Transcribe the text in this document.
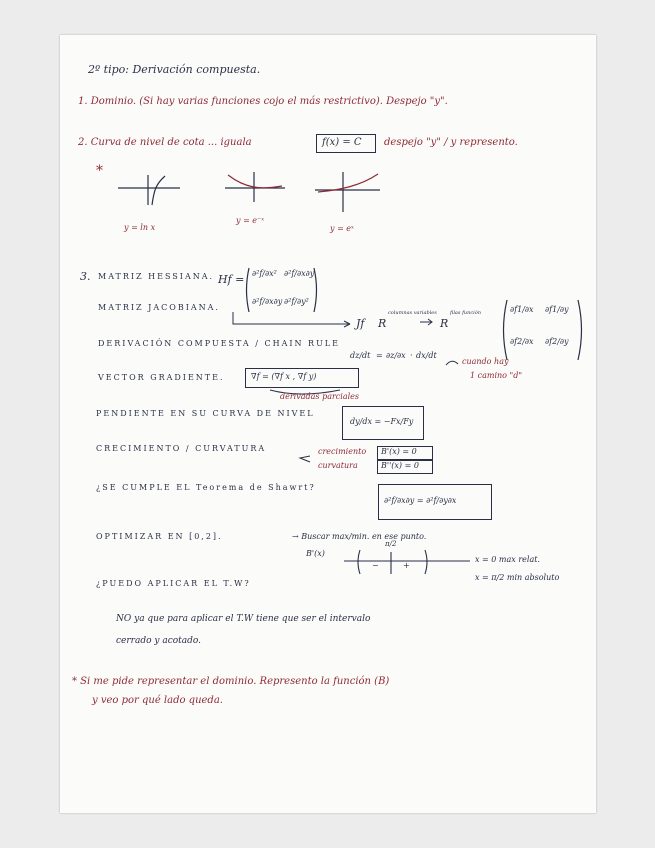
2º tipo: Derivación compuesta.
1. Dominio. (Si hay varias funciones cojo el más restrictivo). Despejo "y".
2. Curva de nivel de cota ... iguala	f(x) = C despejo "y" / y represento.
*
y = ln x
y = e⁻ˣ
y = eˣ
3. MATRIZ HESSIANA. Hf = ∂²f/∂x² ∂²f/∂x∂y
∂²f/∂x∂y ∂²f/∂y²
MATRIZ JACOBIANA.
Jf R
columnas variables
R
filas función	∂f1/∂x ∂f1/∂y
∂f2/∂x ∂f2/∂y
DERIVACIÓN COMPUESTA / CHAIN RULE
dz/dt = ∂z/∂x · dx/dt
cuando hay
1 camino "d"
VECTOR GRADIENTE.	∇f = (∇f x , ∇f y)
derivadas parciales
PENDIENTE EN SU CURVA DE NIVEL
dy/dx = −Fx/Fy
CRECIMIENTO / CURVATURA	crecimiento B'(x) = 0
curvatura	B''(x) = 0
¿SE CUMPLE EL Teorema de Shawrt?
∂²f/∂x∂y = ∂²f/∂y∂x
OPTIMIZAR EN [0,2].	→ Buscar max/min. en ese punto.
B'(x)
π/2
−	+
x = 0 max relat.
x = π/2 min absoluto
¿PUEDO APLICAR EL T.W?
NO ya que para aplicar el T.W tiene que ser el intervalo
cerrado y acotado.
* Si me pide representar el dominio. Represento la función (B)
y veo por qué lado queda.
